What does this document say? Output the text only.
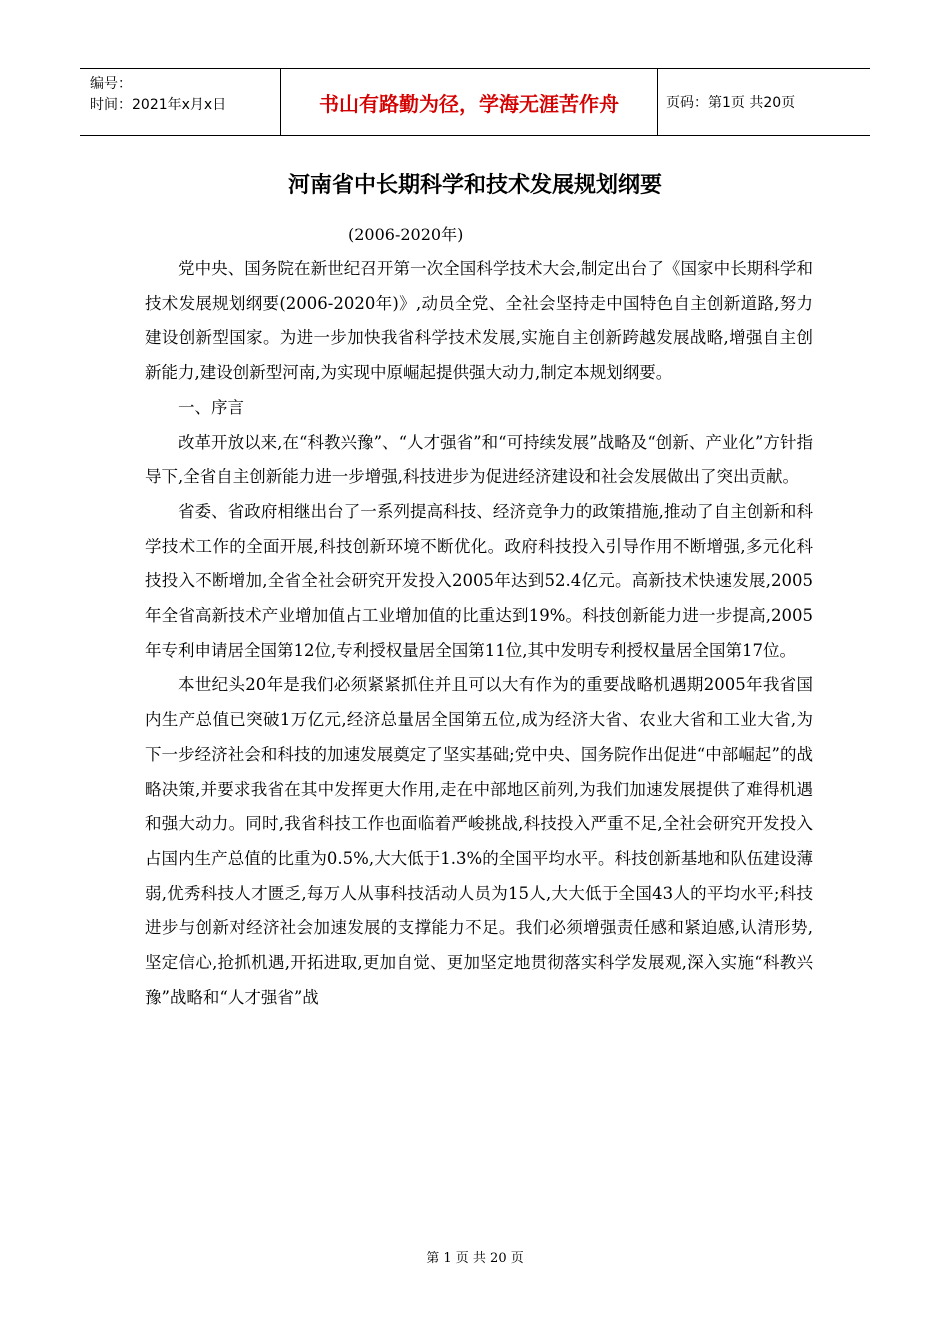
编号：
时间：2021年x月x日	书山有路勤为径，学海无涯苦作舟	页码：第1页 共20页
河南省中长期科学和技术发展规划纲要
(2006-2020年)

党中央、国务院在新世纪召开第一次全国科学技术大会,制定出台了《国家中长期科学和技术发展规划纲要(2006-2020年)》,动员全党、全社会坚持走中国特色自主创新道路,努力建设创新型国家。为进一步加快我省科学技术发展,实施自主创新跨越发展战略,增强自主创新能力,建设创新型河南,为实现中原崛起提供强大动力,制定本规划纲要。

一、序言

改革开放以来,在“科教兴豫”、“人才强省”和“可持续发展”战略及“创新、产业化”方针指导下,全省自主创新能力进一步增强,科技进步为促进经济建设和社会发展做出了突出贡献。

省委、省政府相继出台了一系列提高科技、经济竞争力的政策措施,推动了自主创新和科学技术工作的全面开展,科技创新环境不断优化。政府科技投入引导作用不断增强,多元化科技投入不断增加,全省全社会研究开发投入2005年达到52.4亿元。高新技术快速发展,2005年全省高新技术产业增加值占工业增加值的比重达到19%。科技创新能力进一步提高,2005年专利申请居全国第12位,专利授权量居全国第11位,其中发明专利授权量居全国第17位。

本世纪头20年是我们必须紧紧抓住并且可以大有作为的重要战略机遇期2005年我省国内生产总值已突破1万亿元,经济总量居全国第五位,成为经济大省、农业大省和工业大省,为下一步经济社会和科技的加速发展奠定了坚实基础;党中央、国务院作出促进“中部崛起”的战略决策,并要求我省在其中发挥更大作用,走在中部地区前列,为我们加速发展提供了难得机遇和强大动力。同时,我省科技工作也面临着严峻挑战,科技投入严重不足,全社会研究开发投入占国内生产总值的比重为0.5%,大大低于1.3%的全国平均水平。科技创新基地和队伍建设薄弱,优秀科技人才匮乏,每万人从事科技活动人员为15人,大大低于全国43人的平均水平;科技进步与创新对经济社会加速发展的支撑能力不足。我们必须增强责任感和紧迫感,认清形势,坚定信心,抢抓机遇,开拓进取,更加自觉、更加坚定地贯彻落实科学发展观,深入实施“科教兴豫”战略和“人才强省”战

第 1 页 共 20 页
